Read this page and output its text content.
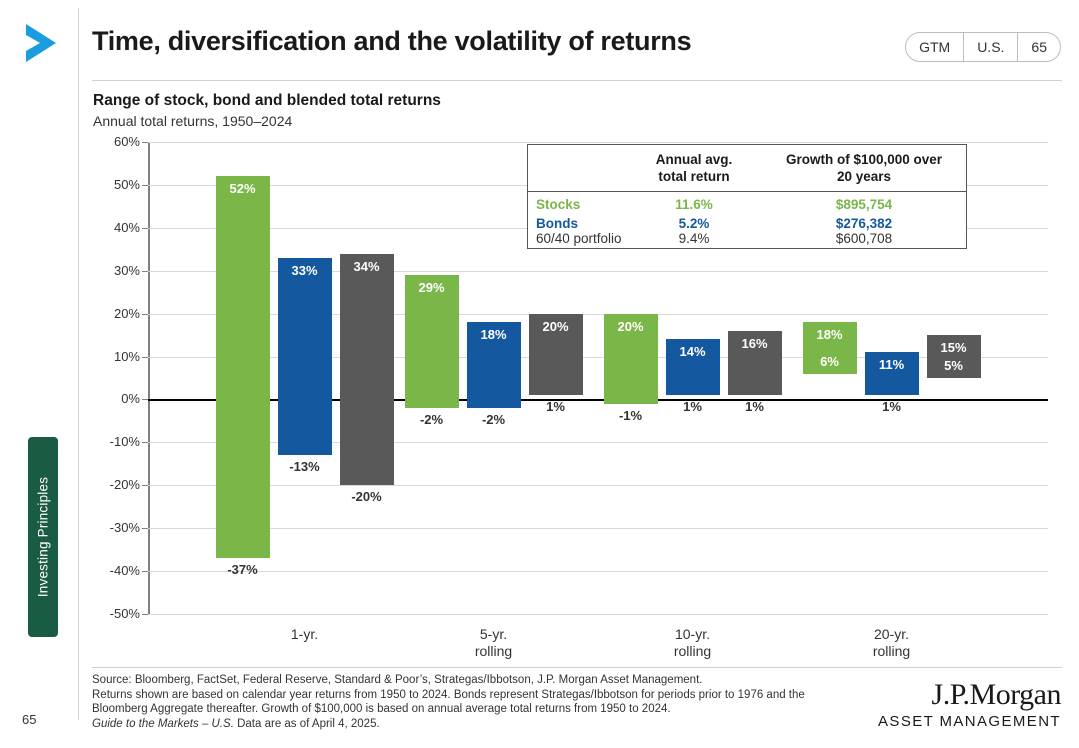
Time, diversification and the volatility of returns	GTM	U.S.	65
Range of stock, bond and blended total returns
Annual total returns, 1950–2024
Investing Principles
52%
-37%
29%
-2%
20%
-1%
18%
6%
33%
-13%
18%
-2%
14%
1%
11%
1%
34%
-20%
20%
1%
16%
1%
15%
5%
Annual avg.
total return
Growth of $100,000 over
20 years
Stocks	11.6%	$895,754
Bonds	5.2%	$276,382
60/40 portfolio	9.4%	$600,708
Source: Bloomberg, FactSet, Federal Reserve, Standard & Poor’s, Strategas/Ibbotson, J.P. Morgan Asset Management.
Returns shown are based on calendar year returns from 1950 to 2024. Bonds represent Strategas/Ibbotson for periods prior to 1976 and the
Bloomberg Aggregate thereafter. Growth of $100,000 is based on annual average total returns from 1950 to 2024.
Guide to the Markets – U.S. Data are as of April 4, 2025.
J.P.Morgan
ASSET MANAGEMENT
65
60%
50%
40%
30%
20%
10%
0%
-10%
-20%
-30%
-40%
-50%
1-yr.	5-yr.
rolling
10-yr.
rolling
20-yr.
rolling
